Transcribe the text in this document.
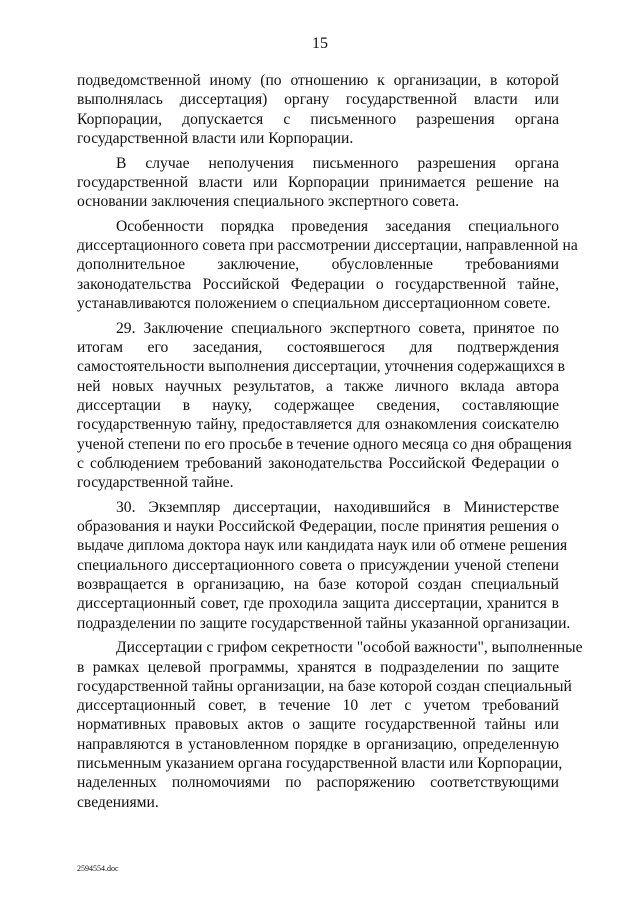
15
подведомственной иному (по отношению к организации, в которой
выполнялась диссертация) органу государственной власти или
Корпорации, допускается с письменного разрешения органа
государственной власти или Корпорации.
В случае неполучения письменного разрешения органа
государственной власти или Корпорации принимается решение на
основании заключения специального экспертного совета.
Особенности порядка проведения заседания специального
диссертационного совета при рассмотрении диссертации, направленной на
дополнительное заключение, обусловленные требованиями
законодательства Российской Федерации о государственной тайне,
устанавливаются положением о специальном диссертационном совете.
29. Заключение специального экспертного совета, принятое по
итогам его заседания, состоявшегося для подтверждения
самостоятельности выполнения диссертации, уточнения содержащихся в
ней новых научных результатов, а также личного вклада автора
диссертации в науку, содержащее сведения, составляющие
государственную тайну, предоставляется для ознакомления соискателю
ученой степени по его просьбе в течение одного месяца со дня обращения
с соблюдением требований законодательства Российской Федерации о
государственной тайне.
30. Экземпляр диссертации, находившийся в Министерстве
образования и науки Российской Федерации, после принятия решения о
выдаче диплома доктора наук или кандидата наук или об отмене решения
специального диссертационного совета о присуждении ученой степени
возвращается в организацию, на базе которой создан специальный
диссертационный совет, где проходила защита диссертации, хранится в
подразделении по защите государственной тайны указанной организации.
Диссертации с грифом секретности "особой важности", выполненные
в рамках целевой программы, хранятся в подразделении по защите
государственной тайны организации, на базе которой создан специальный
диссертационный совет, в течение 10 лет с учетом требований
нормативных правовых актов о защите государственной тайны или
направляются в установленном порядке в организацию, определенную
письменным указанием органа государственной власти или Корпорации,
наделенных полномочиями по распоряжению соответствующими
сведениями.
2594554.doc
